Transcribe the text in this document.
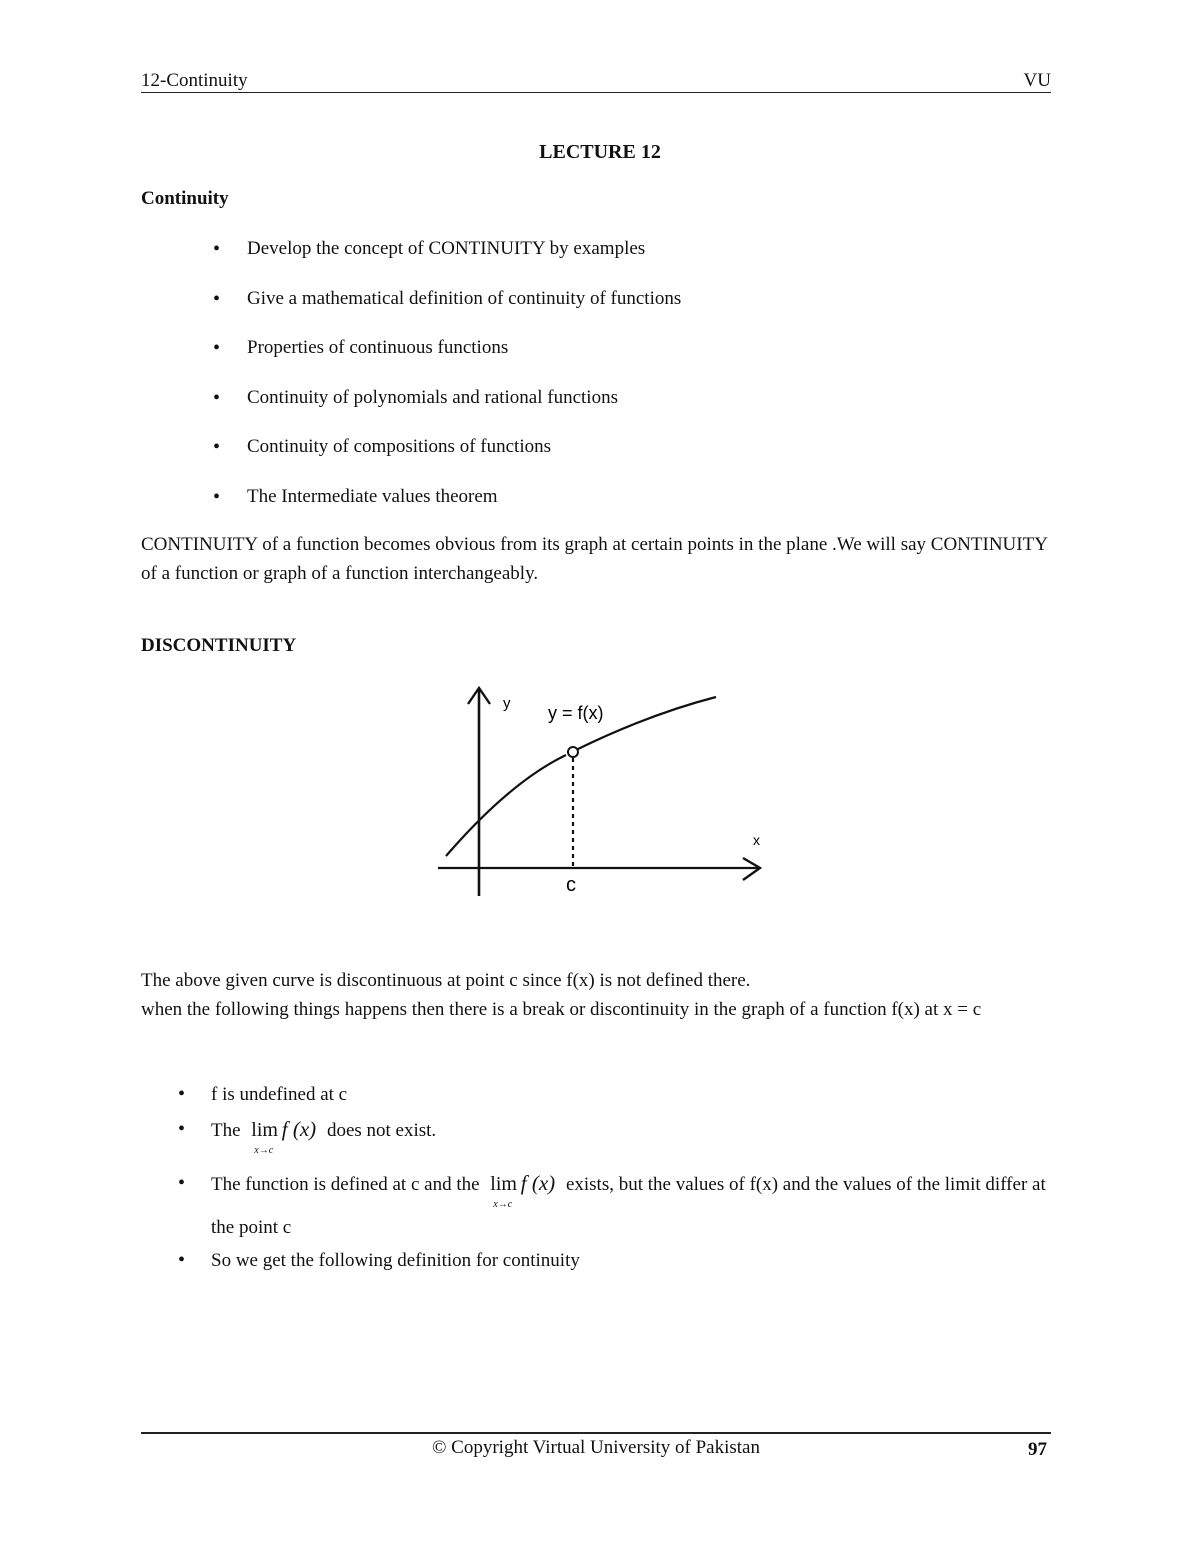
12-Continuity	VU
LECTURE 12
Continuity
• Develop the concept of CONTINUITY by examples
• Give a mathematical definition of continuity of functions
• Properties of continuous functions
• Continuity of polynomials and rational functions
• Continuity of compositions of functions
• The Intermediate values theorem
CONTINUITY of a function becomes obvious from its graph at certain points in the plane .We will say CONTINUITY of a function or graph of a function interchangeably.
DISCONTINUITY
y y = f(x)
x
c
The above given curve is discontinuous at point c since f(x) is not defined there.
when the following things happens then there is a break or discontinuity in the graph of a function f(x) at x = c
• f is undefined at c
• The lim
x→c
 f (x) does not exist.
• The function is defined at c and the lim
x→c
 f (x) exists, but the values of f(x) and the values of the limit differ at the point c
• So we get the following definition for continuity
© Copyright Virtual University of Pakistan	97
